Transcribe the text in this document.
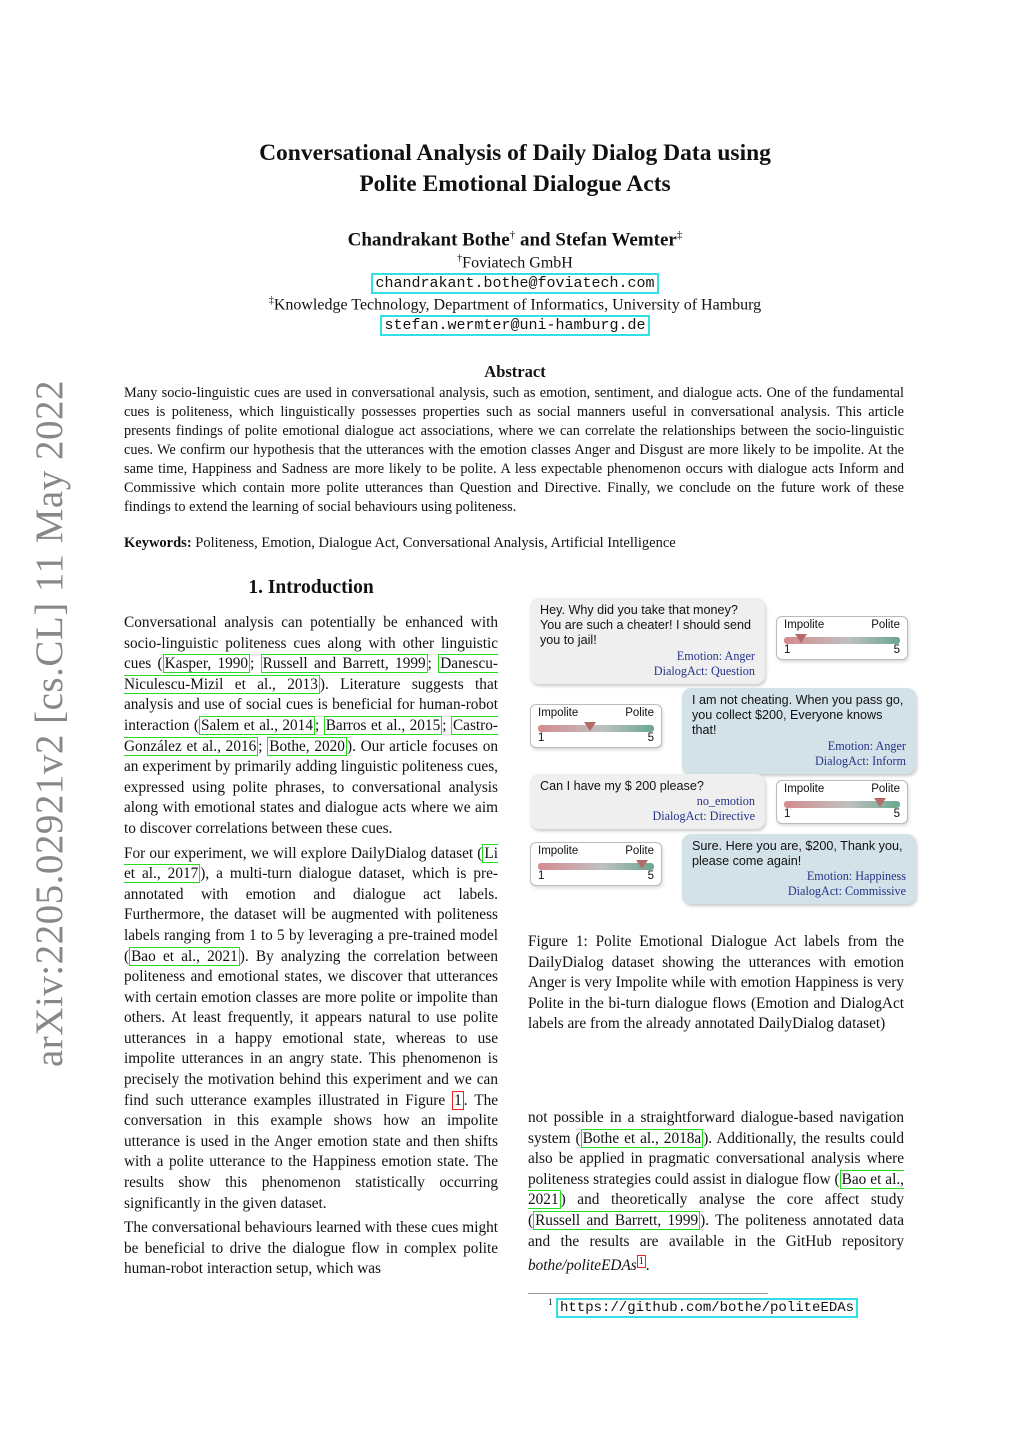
arXiv:2205.02921v2 [cs.CL] 11 May 2022
Conversational Analysis of Daily Dialog Data using
Polite Emotional Dialogue Acts
Chandrakant Bothe† and Stefan Wemter‡
†Foviatech GmbH
chandrakant.bothe@foviatech.com
‡Knowledge Technology, Department of Informatics, University of Hamburg
stefan.wermter@uni-hamburg.de
Abstract
Many socio-linguistic cues are used in conversational analysis, such as emotion, sentiment, and dialogue acts. One of the fundamental cues is politeness, which linguistically possesses properties such as social manners useful in conversational analysis. This article presents findings of polite emotional dialogue act associations, where we can correlate the relationships between the socio-linguistic cues. We confirm our hypothesis that the utterances with the emotion classes Anger and Disgust are more likely to be impolite. At the same time, Happiness and Sadness are more likely to be polite. A less expectable phenomenon occurs with dialogue acts Inform and Commissive which contain more polite utterances than Question and Directive. Finally, we conclude on the future work of these findings to extend the learning of social behaviours using politeness.
Keywords: Politeness, Emotion, Dialogue Act, Conversational Analysis, Artificial Intelligence
1. Introduction

Conversational analysis can potentially be enhanced with socio-linguistic politeness cues along with other linguistic cues ( Kasper, 1990 ; Russell and Barrett, 1999 ; Danescu-Niculescu-Mizil et al., 2013 ). Literature suggests that analysis and use of social cues is beneficial for human-robot interaction ( Salem et al., 2014 ; Barros et al., 2015 ; Castro-González et al., 2016 ; Bothe, 2020 ). Our article focuses on an experiment by primarily adding linguistic politeness cues, expressed using polite phrases, to conversational analysis along with emotional states and dialogue acts where we aim to discover correlations between these cues.

For our experiment, we will explore DailyDialog dataset ( Li et al., 2017 ), a multi-turn dialogue dataset, which is pre-annotated with emotion and dialogue act labels. Furthermore, the dataset will be augmented with politeness labels ranging from 1 to 5 by leveraging a pre-trained model ( Bao et al., 2021 ). By analyzing the correlation between politeness and emotional states, we discover that utterances with certain emotion classes are more polite or impolite than others. At least frequently, it appears natural to use polite utterances in a happy emotional state, whereas to use impolite utterances in an angry state. This phenomenon is precisely the motivation behind this experiment and we can find such utterance examples illustrated in Figure 1 . The conversation in this example shows how an impolite utterance is used in the Anger emotion state and then shifts with a polite utterance to the Happiness emotion state. The results show this phenomenon statistically occurring significantly in the given dataset.

The conversational behaviours learned with these cues might be beneficial to drive the dialogue flow in complex polite human-robot interaction setup, which was

Hey. Why did you take that money? You are such a cheater! I should send you to jail!
Emotion: Anger
DialogAct: Question
Impolite	Polite
1	5
Impolite	Polite
1	5
I am not cheating. When you pass go, you collect $200, Everyone knows that!
Emotion: Anger
DialogAct: Inform
Can I have my $ 200 please?
no_emotion
DialogAct: Directive
Impolite	Polite
1	5
Impolite	Polite
1	5
Sure. Here you are, $200, Thank you, please come again!
Emotion: Happiness
DialogAct: Commissive
Figure 1: Polite Emotional Dialogue Act labels from the DailyDialog dataset showing the utterances with emotion Anger is very Impolite while with emotion Happiness is very Polite in the bi-turn dialogue flows (Emotion and DialogAct labels are from the already annotated DailyDialog dataset)

not possible in a straightforward dialogue-based navigation system ( Bothe et al., 2018a ). Additionally, the results could also be applied in pragmatic conversational analysis where politeness strategies could assist in dialogue flow ( Bao et al., 2021 ) and theoretically analyse the core affect study ( Russell and Barrett, 1999 ). The politeness annotated data and the results are available in the GitHub repository bothe/politeEDAs $^1$ .

$^1$ https://github.com/bothe/politeEDAs
